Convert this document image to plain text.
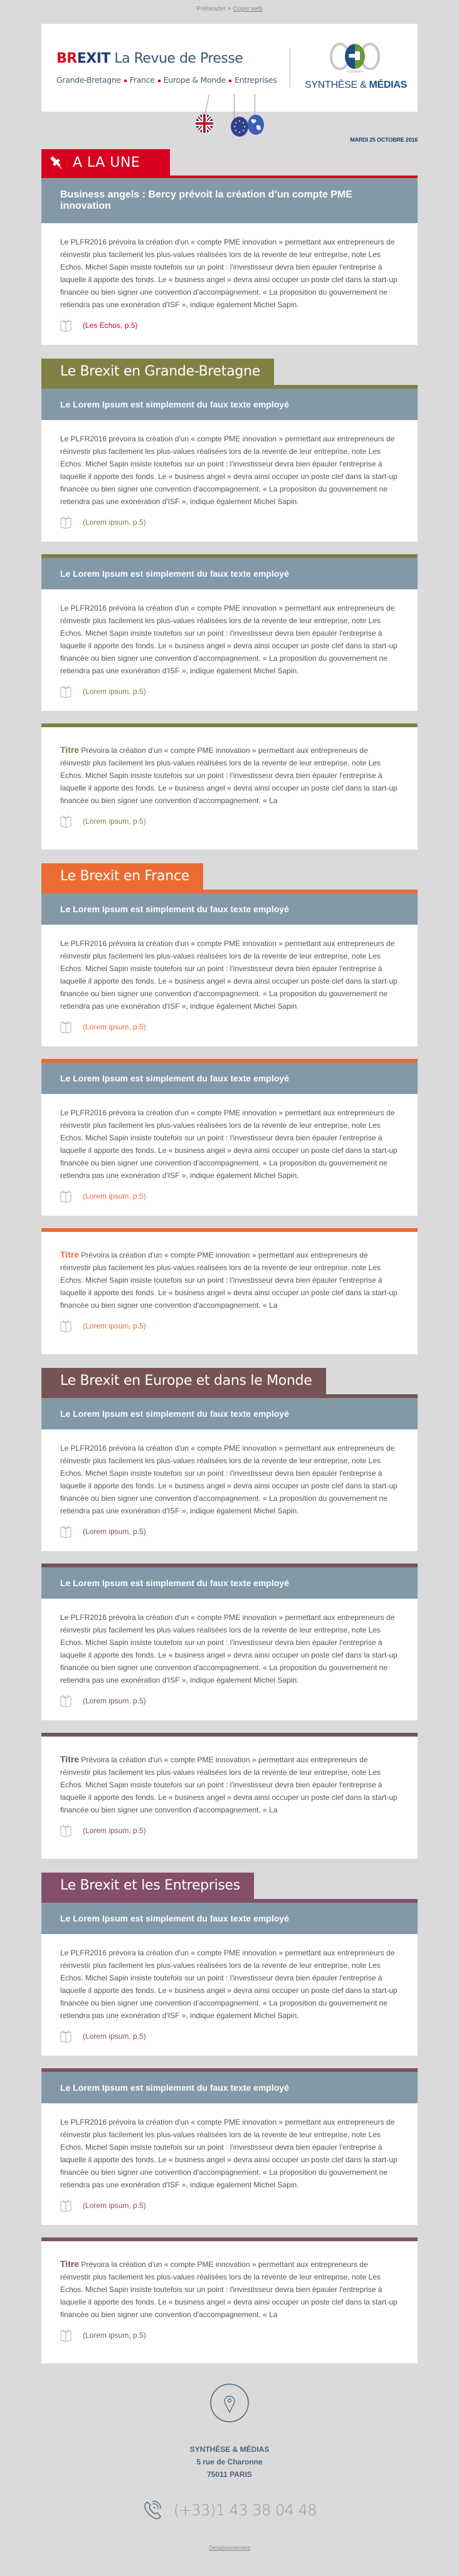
Préheader + Copie web
BREXIT La Revue de Presse
Grande-Bretagne France Europe & Monde Entreprises	SYNTHÈSE & MÉDIAS
MARDI 25 OCTOBRE 2016
A LA UNE
Business angels : Bercy prévoit la création d’un compte PME innovation

Le PLFR2016 prévoira la création d'un « compte PME innovation » permettant aux entrepreneurs de réinvestir plus facilement les plus-values réalisées lors de la revente de leur entreprise, note Les Echos. Michel Sapin insiste toutefois sur un point : l'investisseur devra bien épauler l'entreprise à laquelle il apporte des fonds. Le « business angel » devra ainsi occuper un poste clef dans la start-up financée ou bien signer une convention d'accompagnement. « La proposition du gouvernement ne retiendra pas une exonération d'ISF », indique également Michel Sapin.

(Les Echos, p.5)
Le Brexit en Grande-Bretagne
Le Lorem Ipsum est simplement du faux texte employé

Le PLFR2016 prévoira la création d'un « compte PME innovation » permettant aux entrepreneurs de réinvestir plus facilement les plus-values réalisées lors de la revente de leur entreprise, note Les Echos. Michel Sapin insiste toutefois sur un point : l'investisseur devra bien épauler l'entreprise à laquelle il apporte des fonds. Le « business angel » devra ainsi occuper un poste clef dans la start-up financée ou bien signer une convention d'accompagnement. « La proposition du gouvernement ne retiendra pas une exonération d'ISF », indique également Michel Sapin.

(Lorem ipsum, p.5)
Le Lorem Ipsum est simplement du faux texte employé

Le PLFR2016 prévoira la création d'un « compte PME innovation » permettant aux entrepreneurs de réinvestir plus facilement les plus-values réalisées lors de la revente de leur entreprise, note Les Echos. Michel Sapin insiste toutefois sur un point : l'investisseur devra bien épauler l'entreprise à laquelle il apporte des fonds. Le « business angel » devra ainsi occuper un poste clef dans la start-up financée ou bien signer une convention d'accompagnement. « La proposition du gouvernement ne retiendra pas une exonération d'ISF », indique également Michel Sapin.

(Lorem ipsum, p.5)

Titre Prévoira la création d'un « compte PME innovation » permettant aux entrepreneurs de réinvestir plus facilement les plus-values réalisées lors de la revente de leur entreprise, note Les Echos. Michel Sapin insiste toutefois sur un point : l'investisseur devra bien épauler l'entreprise à laquelle il apporte des fonds. Le « business angel » devra ainsi occuper un poste clef dans la start-up financée ou bien signer une convention d'accompagnement. « La

(Lorem ipsum, p.5)
Le Brexit en France
Le Lorem Ipsum est simplement du faux texte employé

Le PLFR2016 prévoira la création d'un « compte PME innovation » permettant aux entrepreneurs de réinvestir plus facilement les plus-values réalisées lors de la revente de leur entreprise, note Les Echos. Michel Sapin insiste toutefois sur un point : l'investisseur devra bien épauler l'entreprise à laquelle il apporte des fonds. Le « business angel » devra ainsi occuper un poste clef dans la start-up financée ou bien signer une convention d'accompagnement. « La proposition du gouvernement ne retiendra pas une exonération d'ISF », indique également Michel Sapin.

(Lorem ipsum, p.5)
Le Lorem Ipsum est simplement du faux texte employé

Le PLFR2016 prévoira la création d'un « compte PME innovation » permettant aux entrepreneurs de réinvestir plus facilement les plus-values réalisées lors de la revente de leur entreprise, note Les Echos. Michel Sapin insiste toutefois sur un point : l'investisseur devra bien épauler l'entreprise à laquelle il apporte des fonds. Le « business angel » devra ainsi occuper un poste clef dans la start-up financée ou bien signer une convention d'accompagnement. « La proposition du gouvernement ne retiendra pas une exonération d'ISF », indique également Michel Sapin.

(Lorem ipsum, p.5)

Titre Prévoira la création d'un « compte PME innovation » permettant aux entrepreneurs de réinvestir plus facilement les plus-values réalisées lors de la revente de leur entreprise, note Les Echos. Michel Sapin insiste toutefois sur un point : l'investisseur devra bien épauler l'entreprise à laquelle il apporte des fonds. Le « business angel » devra ainsi occuper un poste clef dans la start-up financée ou bien signer une convention d'accompagnement. « La

(Lorem ipsum, p.5)
Le Brexit en Europe et dans le Monde
Le Lorem Ipsum est simplement du faux texte employé

Le PLFR2016 prévoira la création d'un « compte PME innovation » permettant aux entrepreneurs de réinvestir plus facilement les plus-values réalisées lors de la revente de leur entreprise, note Les Echos. Michel Sapin insiste toutefois sur un point : l'investisseur devra bien épauler l'entreprise à laquelle il apporte des fonds. Le « business angel » devra ainsi occuper un poste clef dans la start-up financée ou bien signer une convention d'accompagnement. « La proposition du gouvernement ne retiendra pas une exonération d'ISF », indique également Michel Sapin.

(Lorem ipsum, p.5)
Le Lorem Ipsum est simplement du faux texte employé

Le PLFR2016 prévoira la création d'un « compte PME innovation » permettant aux entrepreneurs de réinvestir plus facilement les plus-values réalisées lors de la revente de leur entreprise, note Les Echos. Michel Sapin insiste toutefois sur un point : l'investisseur devra bien épauler l'entreprise à laquelle il apporte des fonds. Le « business angel » devra ainsi occuper un poste clef dans la start-up financée ou bien signer une convention d'accompagnement. « La proposition du gouvernement ne retiendra pas une exonération d'ISF », indique également Michel Sapin.

(Lorem ipsum, p.5)

Titre Prévoira la création d'un « compte PME innovation » permettant aux entrepreneurs de réinvestir plus facilement les plus-values réalisées lors de la revente de leur entreprise, note Les Echos. Michel Sapin insiste toutefois sur un point : l'investisseur devra bien épauler l'entreprise à laquelle il apporte des fonds. Le « business angel » devra ainsi occuper un poste clef dans la start-up financée ou bien signer une convention d'accompagnement. « La

(Lorem ipsum, p.5)
Le Brexit et les Entreprises
Le Lorem Ipsum est simplement du faux texte employé

Le PLFR2016 prévoira la création d'un « compte PME innovation » permettant aux entrepreneurs de réinvestir plus facilement les plus-values réalisées lors de la revente de leur entreprise, note Les Echos. Michel Sapin insiste toutefois sur un point : l'investisseur devra bien épauler l'entreprise à laquelle il apporte des fonds. Le « business angel » devra ainsi occuper un poste clef dans la start-up financée ou bien signer une convention d'accompagnement. « La proposition du gouvernement ne retiendra pas une exonération d'ISF », indique également Michel Sapin.

(Lorem ipsum, p.5)
Le Lorem Ipsum est simplement du faux texte employé

Le PLFR2016 prévoira la création d'un « compte PME innovation » permettant aux entrepreneurs de réinvestir plus facilement les plus-values réalisées lors de la revente de leur entreprise, note Les Echos. Michel Sapin insiste toutefois sur un point : l'investisseur devra bien épauler l'entreprise à laquelle il apporte des fonds. Le « business angel » devra ainsi occuper un poste clef dans la start-up financée ou bien signer une convention d'accompagnement. « La proposition du gouvernement ne retiendra pas une exonération d'ISF », indique également Michel Sapin.

(Lorem ipsum, p.5)

Titre Prévoira la création d'un « compte PME innovation » permettant aux entrepreneurs de réinvestir plus facilement les plus-values réalisées lors de la revente de leur entreprise, note Les Echos. Michel Sapin insiste toutefois sur un point : l'investisseur devra bien épauler l'entreprise à laquelle il apporte des fonds. Le « business angel » devra ainsi occuper un poste clef dans la start-up financée ou bien signer une convention d'accompagnement. « La

(Lorem ipsum, p.5)
SYNTHÈSE & MÉDIAS
5 rue de Charonne
75011 PARIS
(+33)1 43 38 04 48
Désabonnement
